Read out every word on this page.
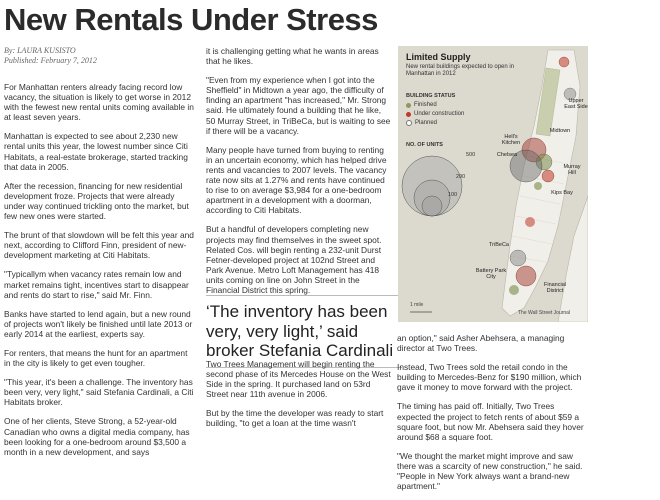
New Rentals Under Stress
By: LAURA KUSISTO
Published: February 7, 2012

For Manhattan renters already facing record low vacancy, the situation is likely to get worse in 2012 with the fewest new rental units coming available in at least seven years.

Manhattan is expected to see about 2,230 new rental units this year, the lowest number since Citi Habitats, a real-estate brokerage, started tracking that data in 2005.

After the recession, financing for new residential development froze. Projects that were already under way continued trickling onto the market, but few new ones were started.

The brunt of that slowdown will be felt this year and next, according to Clifford Finn, president of new-development marketing at Citi Habitats.

"Typicallym when vacancy rates remain low and market remains tight, incentives start to disappear and rents do start to rise," said Mr. Finn.

Banks have started to lend again, but a new round of projects won't likely be finished until late 2013 or early 2014 at the earliest, experts say.

For renters, that means the hunt for an apartment in the city is likely to get even tougher.

"This year, it's been a challenge. The inventory has been very, very light," said Stefania Cardinali, a Citi Habitats broker.

One of her clients, Steve Strong, a 52-year-old Canadian who owns a digital media company, has been looking for a one-bedroom around $3,500 a month in a new development, and says

it is challenging getting what he wants in areas that he likes.

"Even from my experience when I got into the Sheffield" in Midtown a year ago, the difficulty of finding an apartment "has increased," Mr. Strong said. He ultimately found a building that he like, 50 Murray Street, in TriBeCa, but is waiting to see if there will be a vacancy.

Many people have turned from buying to renting in an uncertain economy, which has helped drive rents and vacancies to 2007 levels. The vacancy rate now sits at 1.27% and rents have continued to rise to on average $3,984 for a one-bedroom apartment in a development with a doorman, according to Citi Habitats.

But a handful of developers completing new projects may find themselves in the sweet spot. Related Cos. will begin renting a 232-unit Durst Fetner-developed project at 102nd Street and Park Avenue. Metro Loft Management has 418 units coming on line on John Street in the Financial District this spring.

‘The inventory has been very, very light,’ said broker Stefania Cardinali

Two Trees Management will begin renting the second phase of its Mercedes House on the West Side in the spring. It purchased land on 53rd Street near 11th avenue in 2006.

But by the time the developer was ready to start building, "to get a loan at the time wasn't

an option," said Asher Abehsera, a managing director at Two Trees.

Instead, Two Trees sold the retail condo in the building to Mercedes-Benz for $190 million, which gave it money to move forward with the project.

The timing has paid off. Initially, Two Trees expected the project to fetch rents of about $59 a square foot, but now Mr. Abehsera said they hover around $68 a square foot.

"We thought the market might improve and saw there was a scarcity of new construction," he said. "People in New York always want a brand-new apartment."

Limited Supply
New rental buildings expected to open in Manhattan in 2012
BUILDING STATUS
Finished
Under construction
Planned
NO. OF UNITS
500
200
100
Upper East Side
Murray Hill
Hell's Kitchen
Chelsea
Kips Bay
Midtown
TriBeCa
Battery Park City
Financial District
1 mile
The Wall Street Journal
